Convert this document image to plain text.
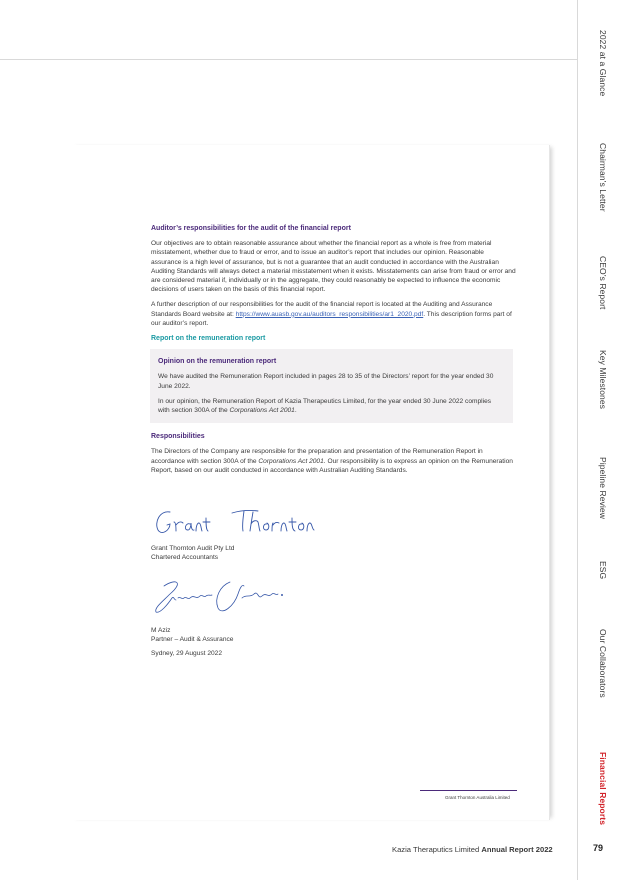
2022 at a Glance
Chairman’s Letter
CEO’s Report
Key Milestones
Pipeline Review
ESG
Our Collaborators
Financial Reports
Auditor’s responsibilities for the audit of the financial report

Our objectives are to obtain reasonable assurance about whether the financial report as a whole is free from material misstatement, whether due to fraud or error, and to issue an auditor’s report that includes our opinion. Reasonable assurance is a high level of assurance, but is not a guarantee that an audit conducted in accordance with the Australian Auditing Standards will always detect a material misstatement when it exists. Misstatements can arise from fraud or error and are considered material if, individually or in the aggregate, they could reasonably be expected to influence the economic decisions of users taken on the basis of this financial report.

A further description of our responsibilities for the audit of the financial report is located at the Auditing and Assurance Standards Board website at: https://www.auasb.gov.au/auditors_responsibilities/ar1_2020.pdf. This description forms part of our auditor’s report.

Report on the remuneration report
Opinion on the remuneration report

We have audited the Remuneration Report included in pages 28 to 35 of the Directors’ report for the year ended 30 June 2022.

In our opinion, the Remuneration Report of Kazia Therapeutics Limited, for the year ended 30 June 2022 complies with section 300A of the Corporations Act 2001.

Responsibilities

The Directors of the Company are responsible for the preparation and presentation of the Remuneration Report in accordance with section 300A of the Corporations Act 2001. Our responsibility is to express an opinion on the Remuneration Report, based on our audit conducted in accordance with Australian Auditing Standards.

Grant Thornton Audit Pty Ltd
Chartered Accountants
M Aziz
Partner – Audit & Assurance
Sydney, 29 August 2022
Grant Thornton Australia Limited
Kazia Theraputics Limited Annual Report 2022	79
